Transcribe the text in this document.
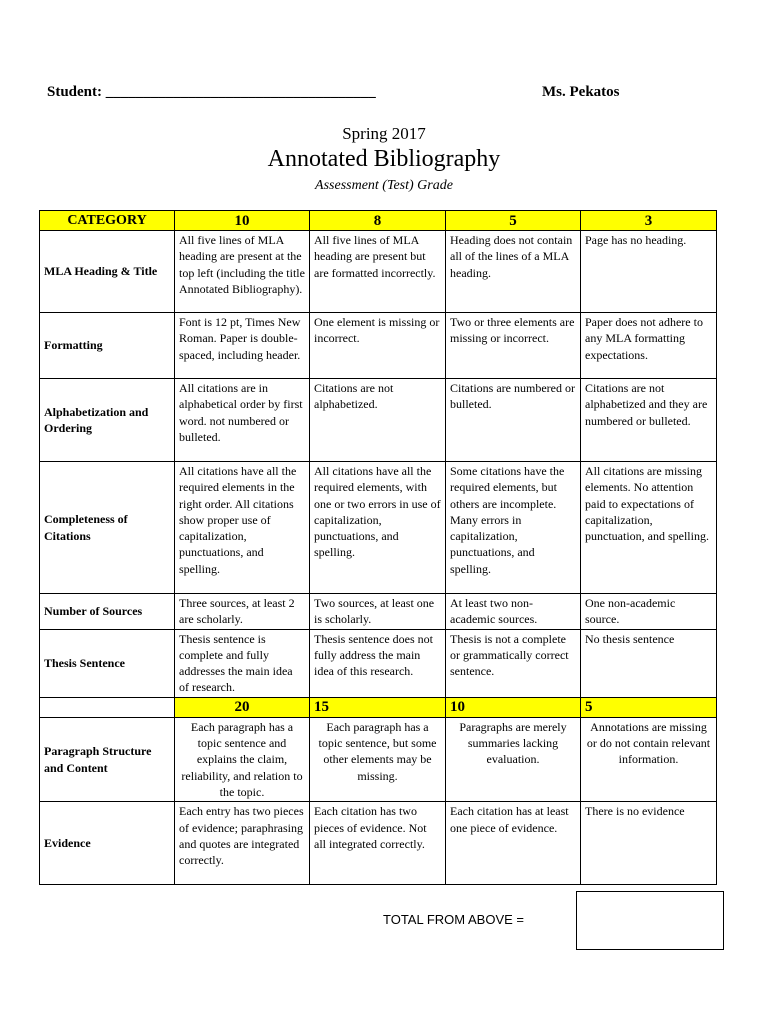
Student: ____________________________________	Ms. Pekatos
Spring 2017
Annotated Bibliography
Assessment (Test) Grade
CATEGORY	10	8	5	3
MLA Heading & Title	All five lines of MLA heading are present at the top left (including the title Annotated Bibliography).	All five lines of MLA heading are present but are formatted incorrectly.	Heading does not contain all of the lines of a MLA heading.	Page has no heading.
Formatting	Font is 12 pt, Times New Roman. Paper is double-spaced, including header.	One element is missing or incorrect.	Two or three elements are missing or incorrect.	Paper does not adhere to any MLA formatting expectations.
Alphabetization and Ordering	All citations are in alphabetical order by first word. not numbered or bulleted.	Citations are not alphabetized.	Citations are numbered or bulleted.	Citations are not alphabetized and they are numbered or bulleted.
Completeness of Citations	All citations have all the required elements in the right order. All citations show proper use of capitalization, punctuations, and spelling.	All citations have all the required elements, with one or two errors in use of capitalization, punctuations, and spelling.	Some citations have the required elements, but others are incomplete. Many errors in capitalization, punctuations, and spelling.	All citations are missing elements. No attention paid to expectations of capitalization, punctuation, and spelling.
Number of Sources	Three sources, at least 2 are scholarly.	Two sources, at least one is scholarly.	At least two non-academic sources.	One non-academic source.
Thesis Sentence	Thesis sentence is complete and fully addresses the main idea of research.	Thesis sentence does not fully address the main idea of this research.	Thesis is not a complete or grammatically correct sentence.	No thesis sentence
	20	15	10	5
Paragraph Structure and Content	Each paragraph has a topic sentence and explains the claim, reliability, and relation to the topic.	Each paragraph has a topic sentence, but some other elements may be missing.	Paragraphs are merely summaries lacking evaluation.	Annotations are missing or do not contain relevant information.
Evidence	Each entry has two pieces of evidence; paraphrasing and quotes are integrated correctly.	Each citation has two pieces of evidence. Not all integrated correctly.	Each citation has at least one piece of evidence.	There is no evidence
TOTAL FROM ABOVE =
